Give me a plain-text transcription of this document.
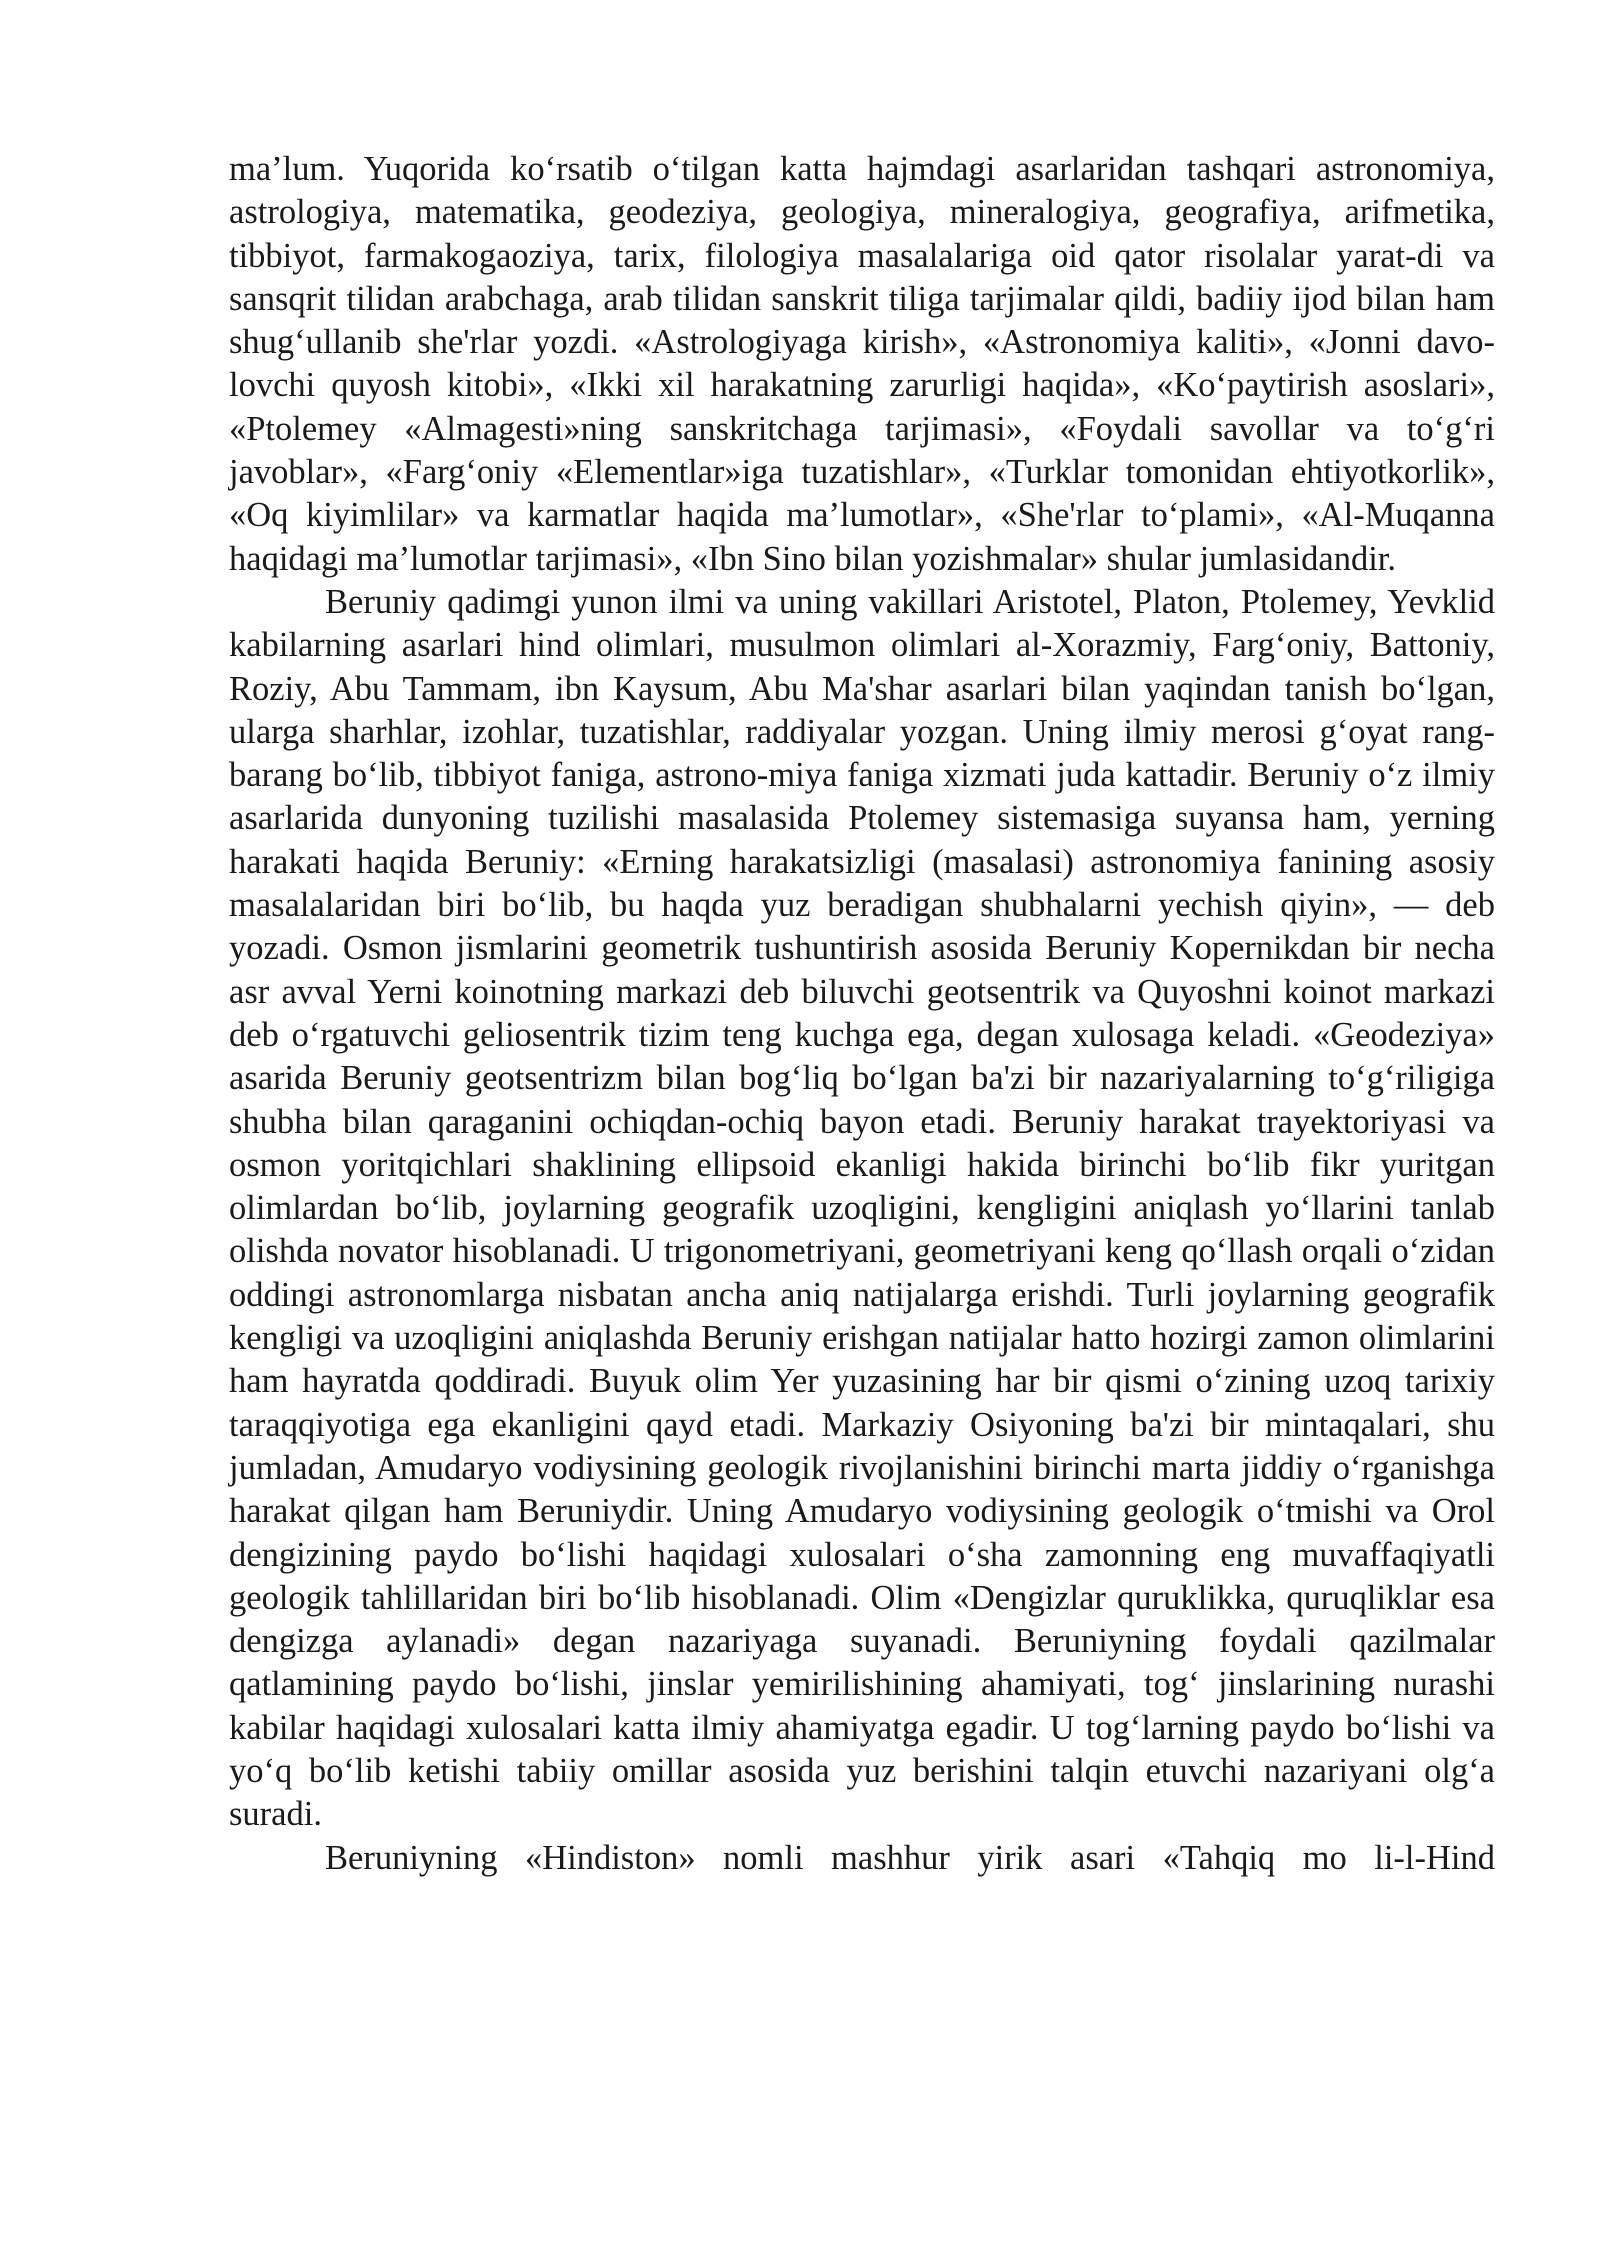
ma’lum. Yuqorida ko‘rsatib o‘tilgan katta hajmdagi asarlaridan tashqari astronomiya, astrologiya, matematika, geodeziya, geologiya, mineralogiya, geografiya, arifmetika, tibbiyot, farmakogaoziya, tarix, filologiya masalalariga oid qator risolalar yarat-di va sansqrit tilidan arabchaga, arab tilidan sanskrit tiliga tarjimalar qildi, badiiy ijod bilan ham shug‘ullanib she'rlar yozdi. «Astrologiyaga kirish», «Astronomiya kaliti», «Jonni davo-lovchi quyosh kitobi», «Ikki xil harakatning zarurligi haqida», «Ko‘paytirish asoslari», «Ptolemey «Almagesti»ning sanskritchaga tarjimasi», «Foydali savollar va to‘g‘ri javoblar», «Farg‘oniy «Elementlar»iga tuzatishlar», «Turklar tomonidan ehtiyotkorlik», «Oq kiyimlilar» va karmatlar haqida ma’lumotlar», «She'rlar to‘plami», «Al-Muqanna haqidagi ma’lumotlar tarjimasi», «Ibn Sino bilan yozishmalar» shular jumlasidandir.

Beruniy qadimgi yunon ilmi va uning vakillari Aristotel, Platon, Ptolemey, Yevklid kabilarning asarlari hind olimlari, musulmon olimlari al-Xorazmiy, Farg‘oniy, Battoniy, Roziy, Abu Tammam, ibn Kaysum, Abu Ma'shar asarlari bilan yaqindan tanish bo‘lgan, ularga sharhlar, izohlar, tuzatishlar, raddiyalar yozgan. Uning ilmiy merosi g‘oyat rang-barang bo‘lib, tibbiyot faniga, astrono-miya faniga xizmati juda kattadir. Beruniy o‘z ilmiy asarlarida dunyoning tuzilishi masalasida Ptolemey sistemasiga suyansa ham, yerning harakati haqida Beruniy: «Erning harakatsizligi (masalasi) astronomiya fanining asosiy masalalaridan biri bo‘lib, bu haqda yuz beradigan shubhalarni yechish qiyin», — deb yozadi. Osmon jismlarini geometrik tushuntirish asosida Beruniy Kopernikdan bir necha asr avval Yerni koinotning markazi deb biluvchi geotsentrik va Quyoshni koinot markazi deb o‘rgatuvchi geliosentrik tizim teng kuchga ega, degan xulosaga keladi. «Geodeziya» asarida Beruniy geotsentrizm bilan bog‘liq bo‘lgan ba'zi bir nazariyalarning to‘g‘riligiga shubha bilan qaraganini ochiqdan-ochiq bayon etadi. Beruniy harakat trayektoriyasi va osmon yoritqichlari shaklining ellipsoid ekanligi hakida birinchi bo‘lib fikr yuritgan olimlardan bo‘lib, joylarning geografik uzoqligini, kengligini aniqlash yo‘llarini tanlab olishda novator hisoblanadi. U trigonometriyani, geometriyani keng qo‘llash orqali o‘zidan oddingi astronomlarga nisbatan ancha aniq natijalarga erishdi. Turli joylarning geografik kengligi va uzoqligini aniqlashda Beruniy erishgan natijalar hatto hozirgi zamon olimlarini ham hayratda qoddiradi. Buyuk olim Yer yuzasining har bir qismi o‘zining uzoq tarixiy taraqqiyotiga ega ekanligini qayd etadi. Markaziy Osiyoning ba'zi bir mintaqalari, shu jumladan, Amudaryo vodiysining geologik rivojlanishini birinchi marta jiddiy o‘rganishga harakat qilgan ham Beruniydir. Uning Amudaryo vodiysining geologik o‘tmishi va Orol dengizining paydo bo‘lishi haqidagi xulosalari o‘sha zamonning eng muvaffaqiyatli geologik tahlillaridan biri bo‘lib hisoblanadi. Olim «Dengizlar quruklikka, quruqliklar esa dengizga aylanadi» degan nazariyaga suyanadi. Beruniyning foydali qazilmalar qatlamining paydo bo‘lishi, jinslar yemirilishining ahamiyati, tog‘ jinslarining nurashi kabilar haqidagi xulosalari katta ilmiy ahamiyatga egadir. U tog‘larning paydo bo‘lishi va yo‘q bo‘lib ketishi tabiiy omillar asosida yuz berishini talqin etuvchi nazariyani olg‘a suradi.

Beruniyning «Hindiston» nomli mashhur yirik asari «Tahqiq mo li-l-Hind
